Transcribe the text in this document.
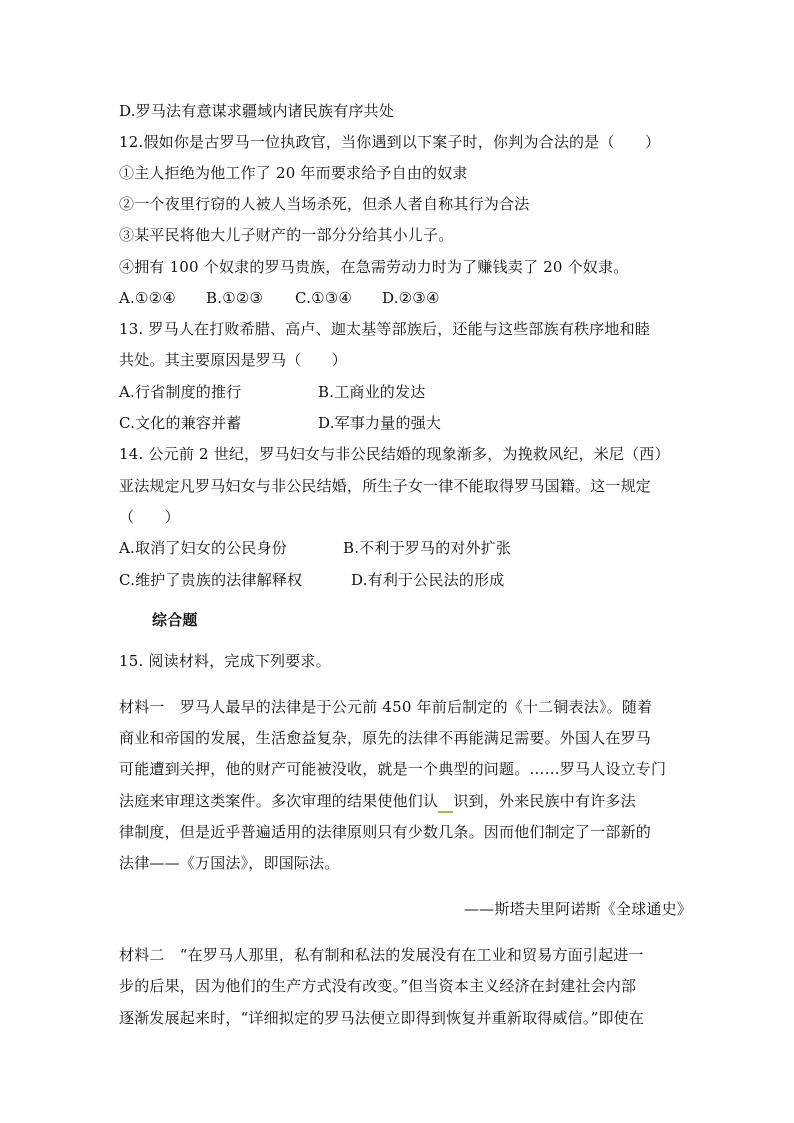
D.罗马法有意谋求疆域内诸民族有序共处
12.假如你是古罗马一位执政官，当你遇到以下案子时，你判为合法的是（　　）
①主人拒绝为他工作了 20 年而要求给予自由的奴隶
②一个夜里行窃的人被人当场杀死，但杀人者自称其行为合法
③某平民将他大儿子财产的一部分分给其小儿子。
④拥有 100 个奴隶的罗马贵族，在急需劳动力时为了赚钱卖了 20 个奴隶。
A.①②④ B.①②③ C.①③④ D.②③④
13. 罗马人在打败希腊、高卢、迦太基等部族后，还能与这些部族有秩序地和睦
共处。其主要原因是罗马（　　）
A.行省制度的推行	B.工商业的发达
C.文化的兼容并蓄	D.军事力量的强大
14. 公元前 2 世纪，罗马妇女与非公民结婚的现象渐多，为挽救风纪，米尼（西）
亚法规定凡罗马妇女与非公民结婚，所生子女一律不能取得罗马国籍。这一规定
（　　）
A.取消了妇女的公民身份	B.不利于罗马的对外扩张
C.维护了贵族的法律解释权	D.有利于公民法的形成
综合题
15. 阅读材料，完成下列要求。
材料一　罗马人最早的法律是于公元前 450 年前后制定的《十二铜表法》。随着
商业和帝国的发展，生活愈益复杂，原先的法律不再能满足需要。外国人在罗马
可能遭到关押，他的财产可能被没收，就是一个典型的问题。……罗马人设立专门
法庭来审理这类案件。多次审理的结果使他们认　 识到，外来民族中有许多法
律制度，但是近乎普遍适用的法律原则只有少数几条。因而他们制定了一部新的
法律——《万国法》，即国际法。
——斯塔夫里阿诺斯《全球通史》
材料二　“在罗马人那里，私有制和私法的发展没有在工业和贸易方面引起进一
步的后果，因为他们的生产方式没有改变。”但当资本主义经济在封建社会内部
逐渐发展起来时，“详细拟定的罗马法便立即得到恢复并重新取得威信。”即使在
